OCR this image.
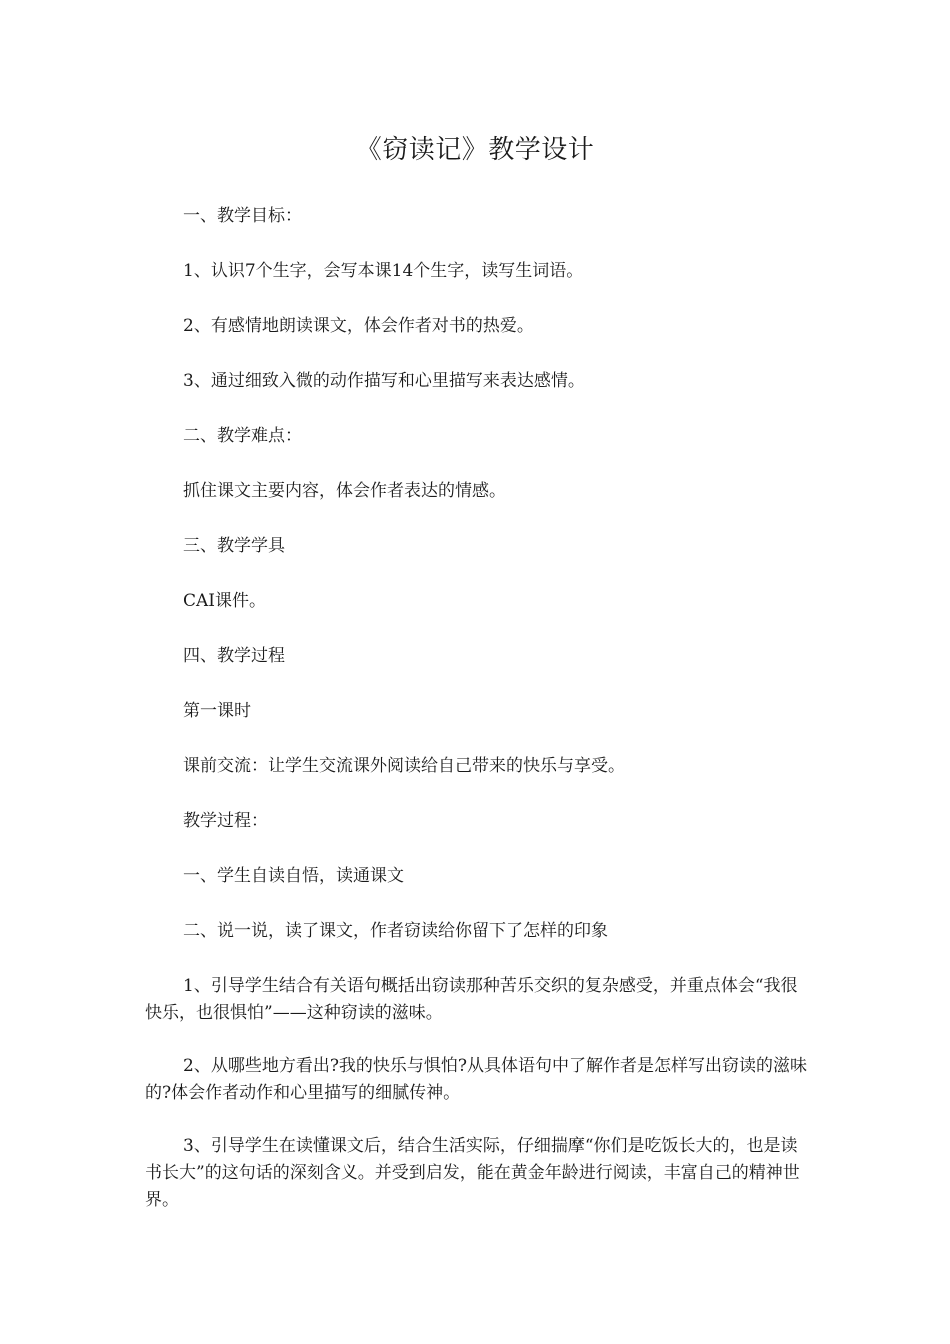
《窃读记》教学设计

一、教学目标：

1、认识7个生字，会写本课14个生字，读写生词语。

2、有感情地朗读课文，体会作者对书的热爱。

3、通过细致入微的动作描写和心里描写来表达感情。

二、教学难点：

抓住课文主要内容，体会作者表达的情感。

三、教学学具

CAI课件。

四、教学过程

第一课时

课前交流：让学生交流课外阅读给自己带来的快乐与享受。

教学过程：

一、学生自读自悟，读通课文

二、说一说，读了课文，作者窃读给你留下了怎样的印象

1、引导学生结合有关语句概括出窃读那种苦乐交织的复杂感受，并重点体会“我很快乐，也很惧怕”——这种窃读的滋味。

2、从哪些地方看出?我的快乐与惧怕?从具体语句中了解作者是怎样写出窃读的滋味的?体会作者动作和心里描写的细腻传神。

3、引导学生在读懂课文后，结合生活实际，仔细揣摩“你们是吃饭长大的，也是读书长大”的这句话的深刻含义。并受到启发，能在黄金年龄进行阅读，丰富自己的精神世界。
